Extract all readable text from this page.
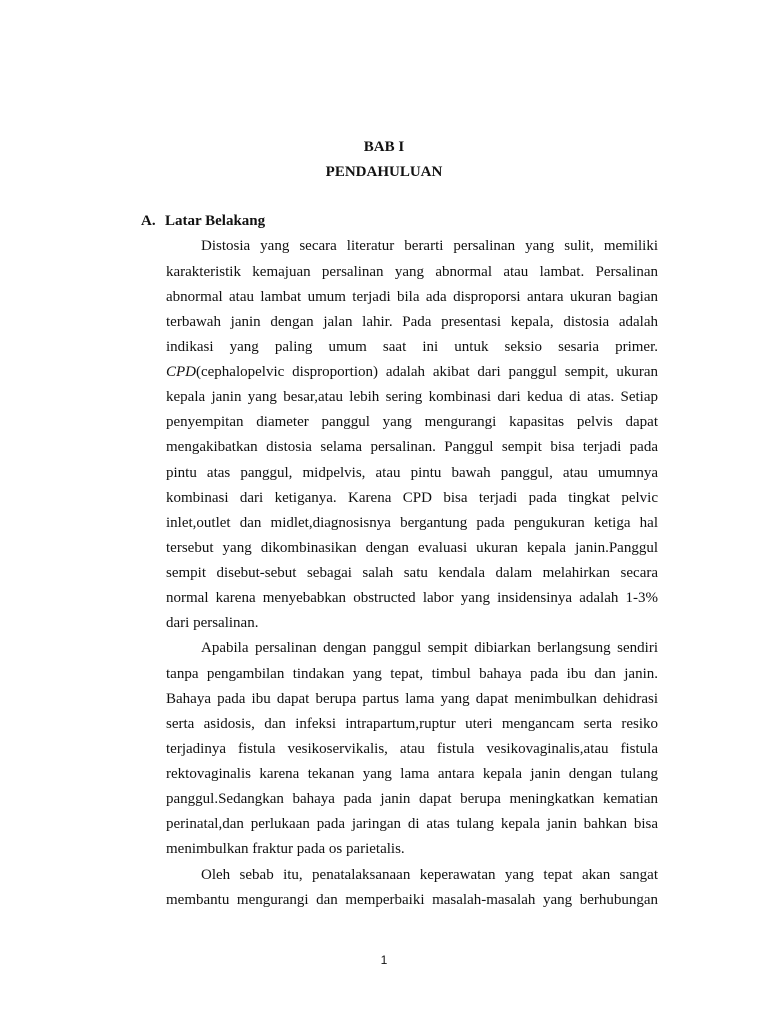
BAB I

PENDAHULUAN

A. Latar Belakang

Distosia yang secara literatur berarti persalinan yang sulit, memiliki

karakteristik kemajuan persalinan yang abnormal atau lambat. Persalinan

abnormal atau lambat umum terjadi bila ada disproporsi antara ukuran bagian

terbawah janin dengan jalan lahir. Pada presentasi kepala, distosia adalah

indikasi yang paling umum saat ini untuk seksio sesaria primer.

CPD(cephalopelvic disproportion) adalah akibat dari panggul sempit, ukuran

kepala janin yang besar,atau lebih sering kombinasi dari kedua di atas. Setiap

penyempitan diameter panggul yang mengurangi kapasitas pelvis dapat

mengakibatkan distosia selama persalinan. Panggul sempit bisa terjadi pada

pintu atas panggul, midpelvis, atau pintu bawah panggul, atau umumnya

kombinasi dari ketiganya. Karena CPD bisa terjadi pada tingkat pelvic

inlet,outlet dan midlet,diagnosisnya bergantung pada pengukuran ketiga hal

tersebut yang dikombinasikan dengan evaluasi ukuran kepala janin.Panggul

sempit disebut-sebut sebagai salah satu kendala dalam melahirkan secara

normal karena menyebabkan obstructed labor yang insidensinya adalah 1-3%

dari persalinan.

Apabila persalinan dengan panggul sempit dibiarkan berlangsung sendiri

tanpa pengambilan tindakan yang tepat, timbul bahaya pada ibu dan janin.

Bahaya pada ibu dapat berupa partus lama yang dapat menimbulkan dehidrasi

serta asidosis, dan infeksi intrapartum,ruptur uteri mengancam serta resiko

terjadinya fistula vesikoservikalis, atau fistula vesikovaginalis,atau fistula

rektovaginalis karena tekanan yang lama antara kepala janin dengan tulang

panggul.Sedangkan bahaya pada janin dapat berupa meningkatkan kematian

perinatal,dan perlukaan pada jaringan di atas tulang kepala janin bahkan bisa

menimbulkan fraktur pada os parietalis.

Oleh sebab itu, penatalaksanaan keperawatan yang tepat akan sangat

membantu mengurangi dan memperbaiki masalah-masalah yang berhubungan

1
